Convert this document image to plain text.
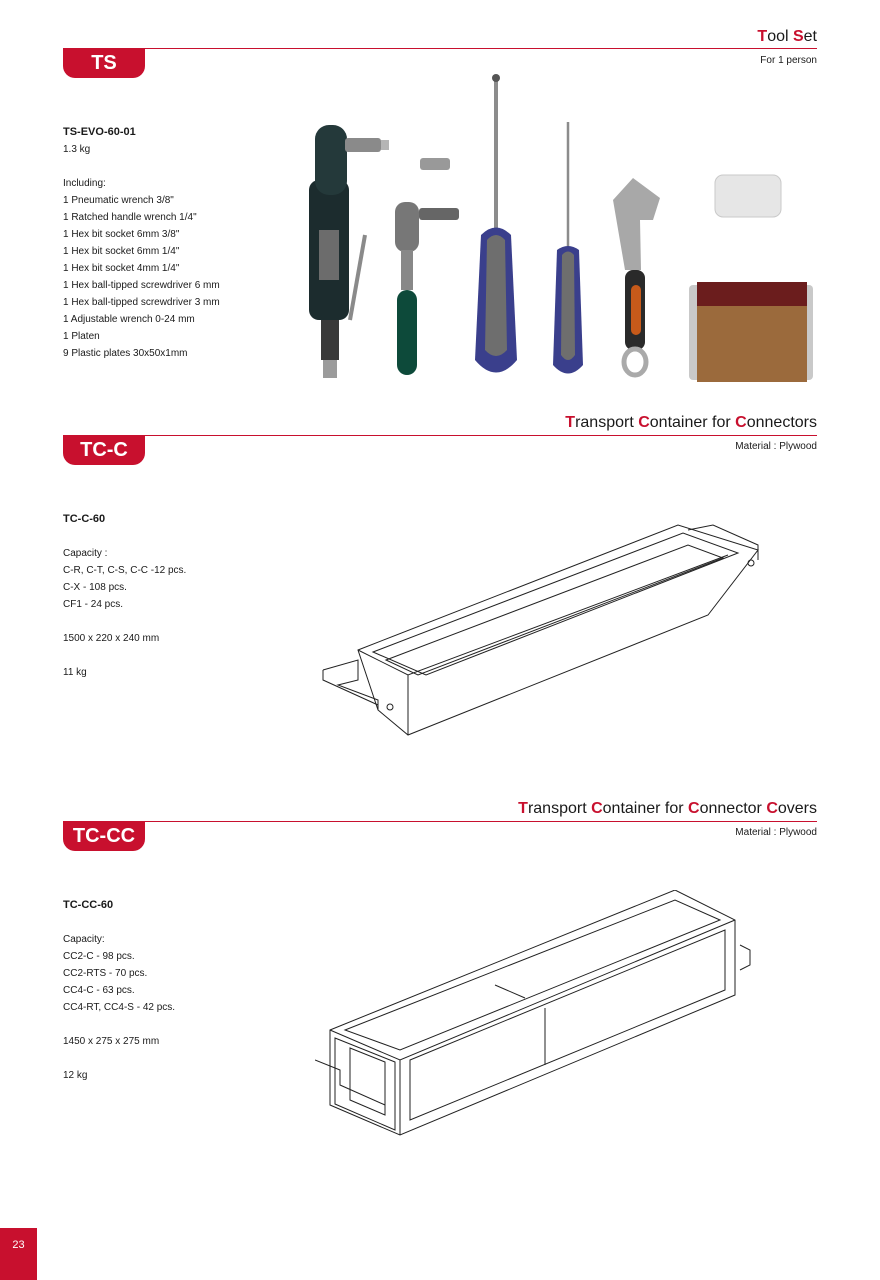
Tool Set
TS	For 1 person
TS-EVO-60-01
1.3 kg
Including:
1 Pneumatic wrench 3/8"
1 Ratched handle wrench 1/4"
1 Hex bit socket 6mm 3/8"
1 Hex bit socket 6mm 1/4"
1 Hex bit socket 4mm 1/4"
1 Hex ball-tipped screwdriver 6 mm
1 Hex ball-tipped screwdriver 3 mm
1 Adjustable wrench 0-24 mm
1 Platen
9 Plastic plates 30x50x1mm
Transport Container for Connectors
TC-C	Material : Plywood
TC-C-60
Capacity :
C-R, C-T, C-S, C-C -12 pcs.
C-X - 108 pcs.
CF1 - 24 pcs.
1500 x 220 x 240 mm
11 kg
Transport Container for Connector Covers
TC-CC	Material : Plywood
TC-CC-60
Capacity:
CC2-C - 98 pcs.
CC2-RTS - 70 pcs.
CC4-C - 63 pcs.
CC4-RT, CC4-S - 42 pcs.
1450 x 275 x 275 mm
12 kg
23
